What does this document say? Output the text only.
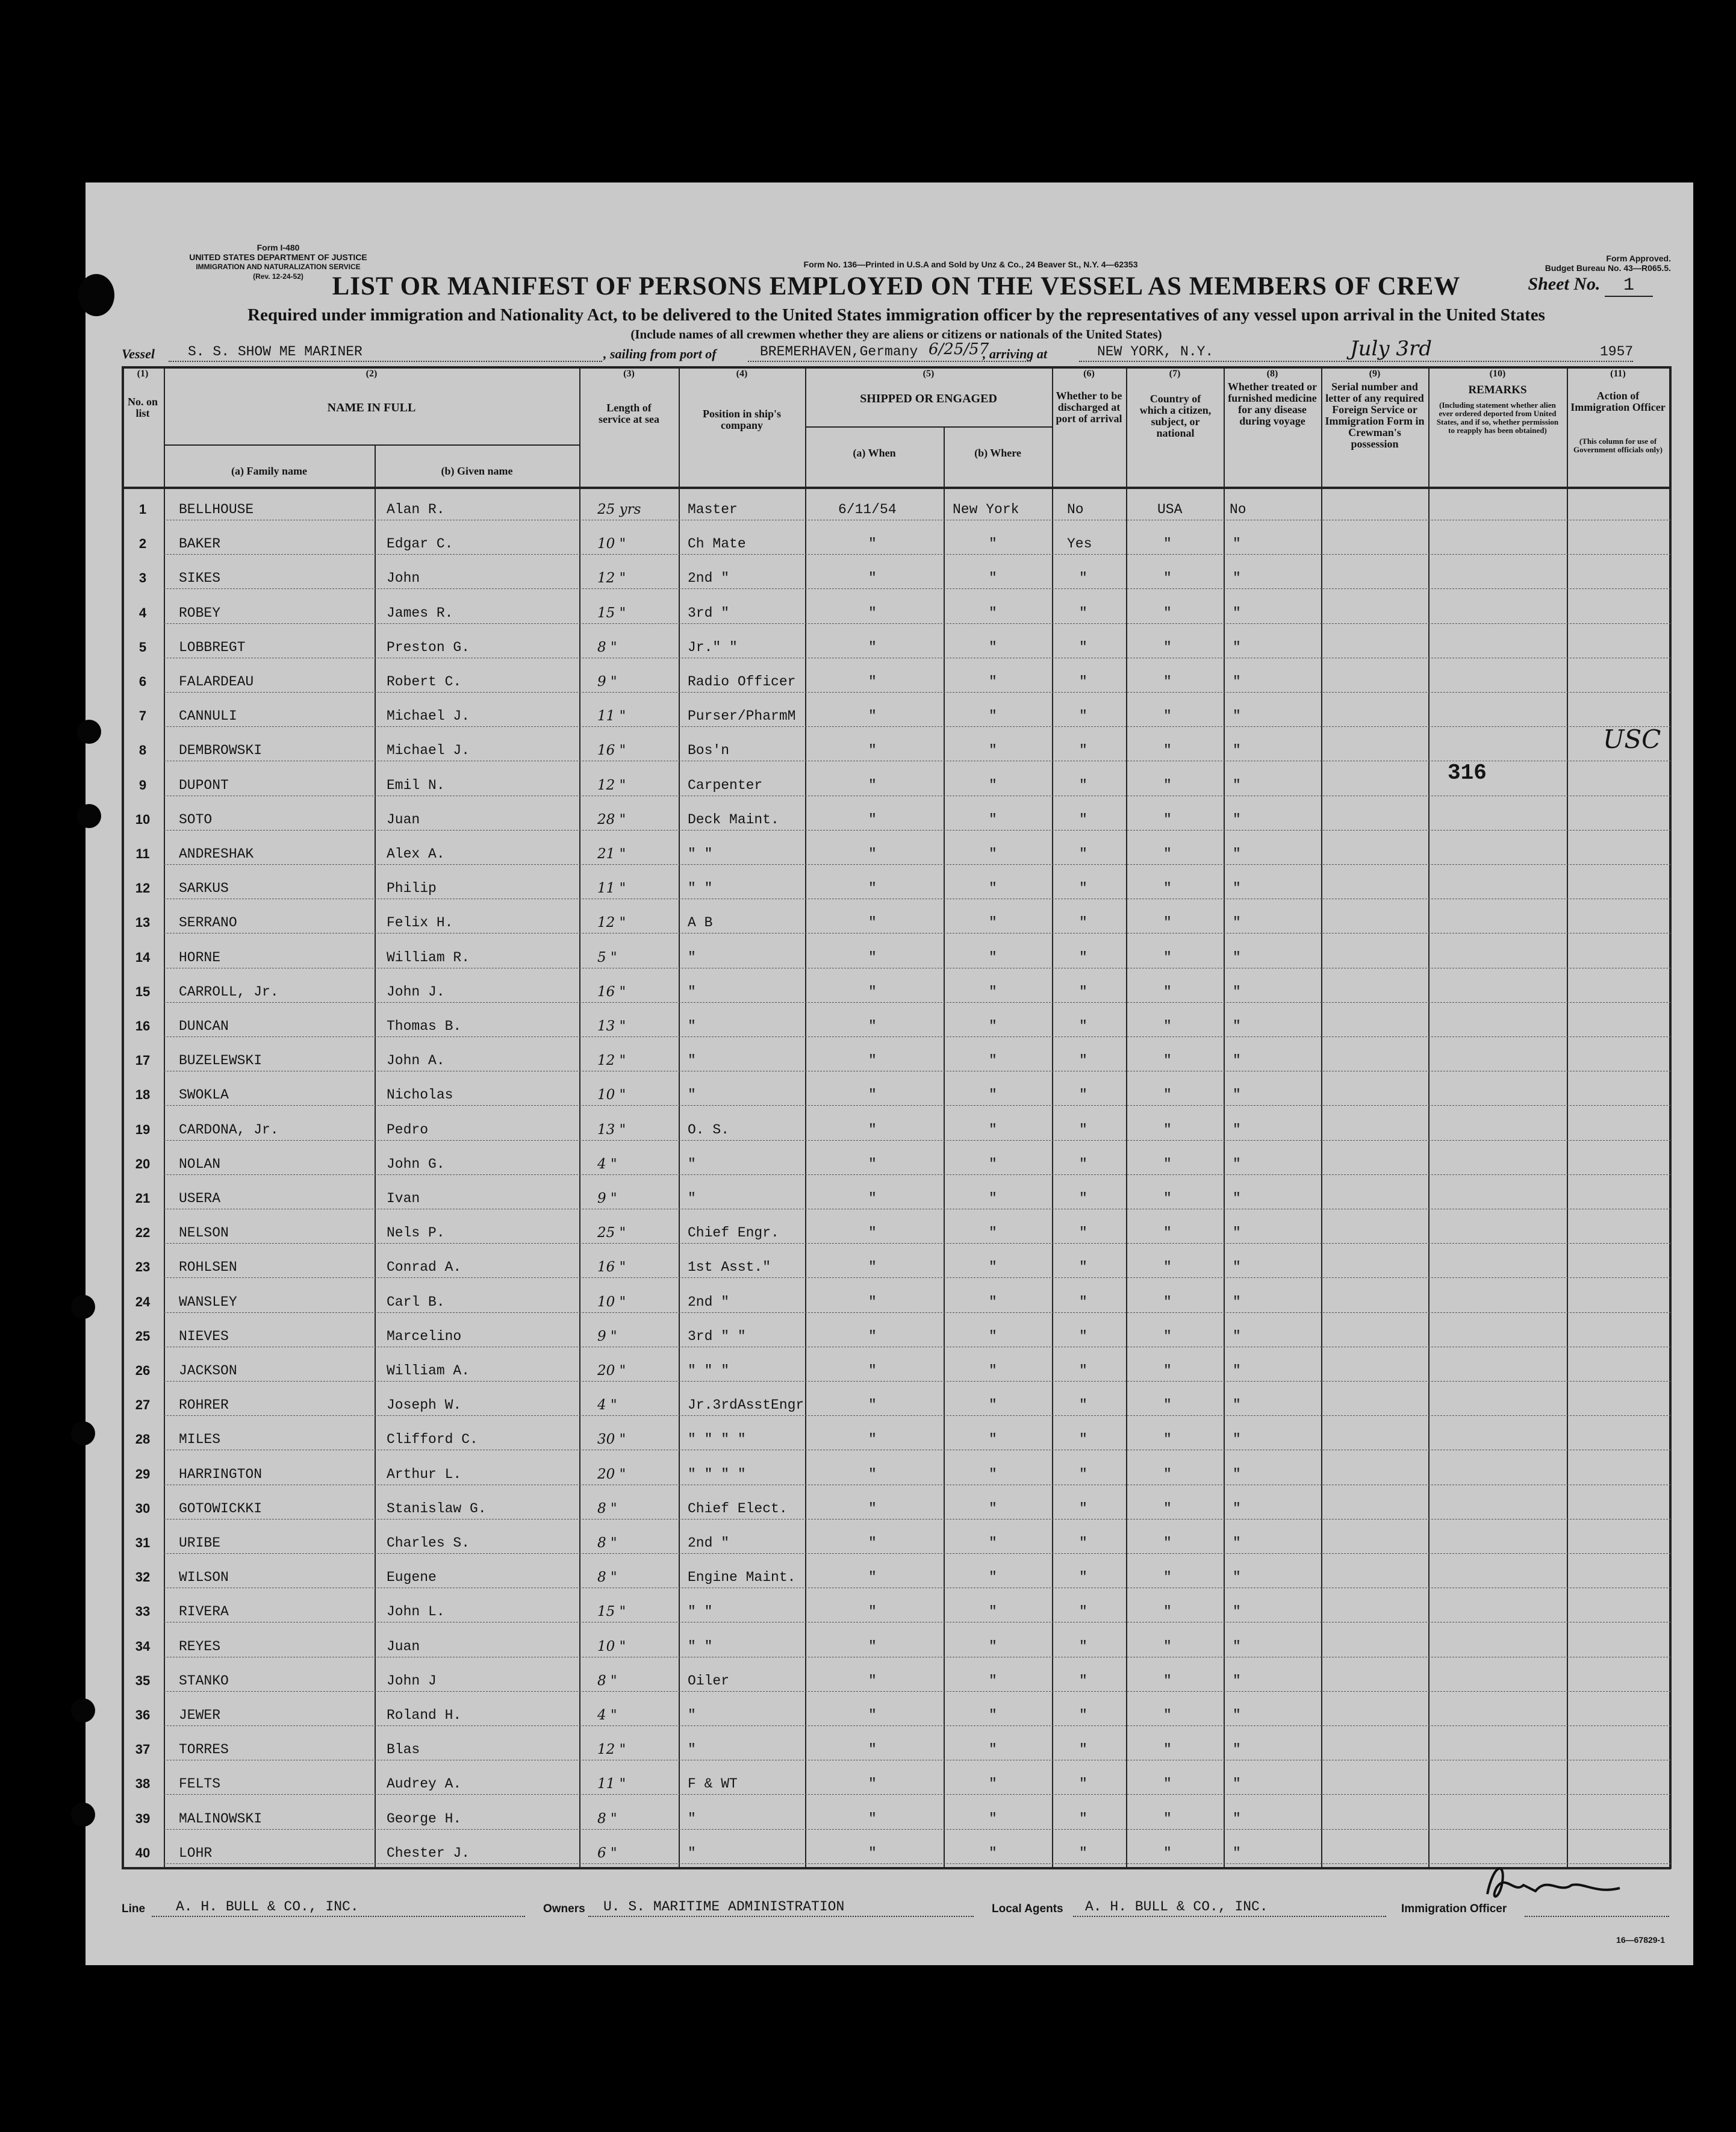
Form I-480
UNITED STATES DEPARTMENT OF JUSTICE
IMMIGRATION AND NATURALIZATION SERVICE
(Rev. 12-24-52)
Form No. 136—Printed in U.S.A and Sold by Unz & Co., 24 Beaver St., N.Y. 4—62353
Form Approved.
Budget Bureau No. 43—R065.5.
LIST OR MANIFEST OF PERSONS EMPLOYED ON THE VESSEL AS MEMBERS OF CREW	Sheet No. 1
Required under immigration and Nationality Act, to be delivered to the United States immigration officer by the representatives of any vessel upon arrival in the United States
(Include names of all crewmen whether they are aliens or citizens or nationals of the United States)
Vessel S. S. SHOW ME MARINER	, sailing from port of	BREMERHAVEN,Germany 6/25/57
, arriving at	NEW YORK, N.Y.	July 3rd	1957
(1)
No. on list
(2)
NAME IN FULL
(a) Family name	(b) Given name
(3)
Length of service at sea
(4)
Position in ship's company
(5)
SHIPPED OR ENGAGED
(a) When	(b) Where
(6)
Whether to be discharged at port of arrival
(7)
Country of which a citizen, subject, or national
(8)
Whether treated or furnished medicine for any disease during voyage
(9)
Serial number and letter of any required Foreign Service or Immigration Form in Crewman's possession
(10)
REMARKS
(Including statement whether alien ever ordered deported from United States, and if so, whether permission to reapply has been obtained)
(11)
Action of Immigration Officer
(This column for use of Government officials only)
1	BELLHOUSE	Alan R.	25 yrs	Master	6/11/54	New York	No	USA	No
2	BAKER	Edgar C.	10 "	Ch Mate	"	"	Yes	"	"
3	SIKES	John	12 "	2nd "	"	"	"	"	"
4	ROBEY	James R.	15 "	3rd "	"	"	"	"	"
5	LOBBREGT	Preston G.	8 "	Jr." "	"	"	"	"	"
6	FALARDEAU	Robert C.	9 "	Radio Officer	"	"	"	"	"
7	CANNULI	Michael J.	11 "	Purser/PharmM	"	"	"	"	"
8	DEMBROWSKI	Michael J.	16 "	Bos'n	"	"	"	"	"
9	DUPONT	Emil N.	12 "	Carpenter	"	"	"	"	"
10	SOTO	Juan	28 "	Deck Maint.	"	"	"	"	"
11	ANDRESHAK	Alex A.	21 "	" "	"	"	"	"	"
12	SARKUS	Philip	11 "	" "	"	"	"	"	"
13	SERRANO	Felix H.	12 "	A B	"	"	"	"	"
14	HORNE	William R.	5 "	"	"	"	"	"	"
15	CARROLL, Jr.	John J.	16 "	"	"	"	"	"	"
16	DUNCAN	Thomas B.	13 "	"	"	"	"	"	"
17	BUZELEWSKI	John A.	12 "	"	"	"	"	"	"
18	SWOKLA	Nicholas	10 "	"	"	"	"	"	"
19	CARDONA, Jr.	Pedro	13 "	O. S.	"	"	"	"	"
20	NOLAN	John G.	4 "	"	"	"	"	"	"
21	USERA	Ivan	9 "	"	"	"	"	"	"
22	NELSON	Nels P.	25 "	Chief Engr.	"	"	"	"	"
23	ROHLSEN	Conrad A.	16 "	1st Asst."	"	"	"	"	"
24	WANSLEY	Carl B.	10 "	2nd "	"	"	"	"	"
25	NIEVES	Marcelino	9 "	3rd " "	"	"	"	"	"
26	JACKSON	William A.	20 "	" " "	"	"	"	"	"
27	ROHRER	Joseph W.	4 "	Jr.3rdAsstEngr	"	"	"	"	"
28	MILES	Clifford C.	30 "	" " " "	"	"	"	"	"
29	HARRINGTON	Arthur L.	20 "	" " " "	"	"	"	"	"
30	GOTOWICKKI	Stanislaw G.	8 "	Chief Elect.	"	"	"	"	"
31	URIBE	Charles S.	8 "	2nd "	"	"	"	"	"
32	WILSON	Eugene	8 "	Engine Maint.	"	"	"	"	"
33	RIVERA	John L.	15 "	" "	"	"	"	"	"
34	REYES	Juan	10 "	" "	"	"	"	"	"
35	STANKO	John J	8 "	Oiler	"	"	"	"	"
36	JEWER	Roland H.	4 "	"	"	"	"	"	"
37	TORRES	Blas	12 "	"	"	"	"	"	"
38	FELTS	Audrey A.	11 "	F & WT	"	"	"	"	"
39	MALINOWSKI	George H.	8 "	"	"	"	"	"	"
40	LOHR	Chester J.	6 "	"	"	"	"	"	"
316
USC
Line A. H. BULL & CO., INC.	Owners U. S. MARITIME ADMINISTRATION	Local Agents A. H. BULL & CO., INC.	Immigration Officer
16—67829-1
